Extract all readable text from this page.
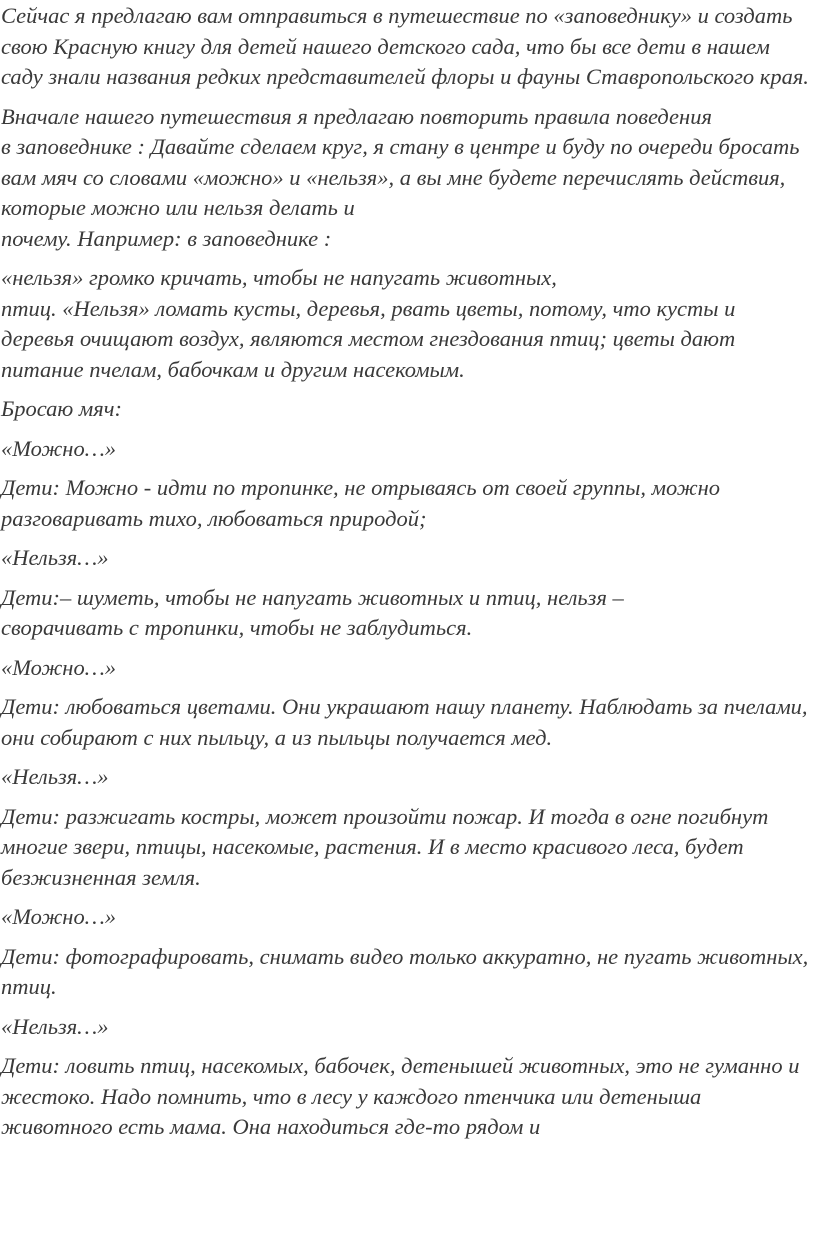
Сейчас я предлагаю вам отправиться в путешествие по «заповеднику» и создать свою Красную книгу для детей нашего детского сада, что бы все дети в нашем саду знали названия редких представителей флоры и фауны Ставропольского края.

Вначале нашего путешествия я предлагаю повторить правила поведения
в заповеднике : Давайте сделаем круг, я стану в центре и буду по очереди бросать вам мяч со словами «можно» и «нельзя», а вы мне будете перечислять действия, которые можно или нельзя делать и
почему. Например: в заповеднике :

«нельзя» громко кричать, чтобы не напугать животных,
птиц. «Нельзя» ломать кусты, деревья, рвать цветы, потому, что кусты и деревья очищают воздух, являются местом гнездования птиц; цветы дают питание пчелам, бабочкам и другим насекомым.

Бросаю мяч:

«Можно…»

Дети: Можно - идти по тропинке, не отрываясь от своей группы, можно разговаривать тихо, любоваться природой;

«Нельзя…»

Дети:– шуметь, чтобы не напугать животных и птиц, нельзя –
сворачивать с тропинки, чтобы не заблудиться.

«Можно…»

Дети: любоваться цветами. Они украшают нашу планету. Наблюдать за пчелами, они собирают с них пыльцу, а из пыльцы получается мед.

«Нельзя…»

Дети: разжигать костры, может произойти пожар. И тогда в огне погибнут многие звери, птицы, насекомые, растения. И в место красивого леса, будет безжизненная земля.

«Можно…»

Дети: фотографировать, снимать видео только аккуратно, не пугать животных, птиц.

«Нельзя…»

Дети: ловить птиц, насекомых, бабочек, детенышей животных, это не гуманно и жестоко. Надо помнить, что в лесу у каждого птенчика или детеныша животного есть мама. Она находиться где-то рядом и
